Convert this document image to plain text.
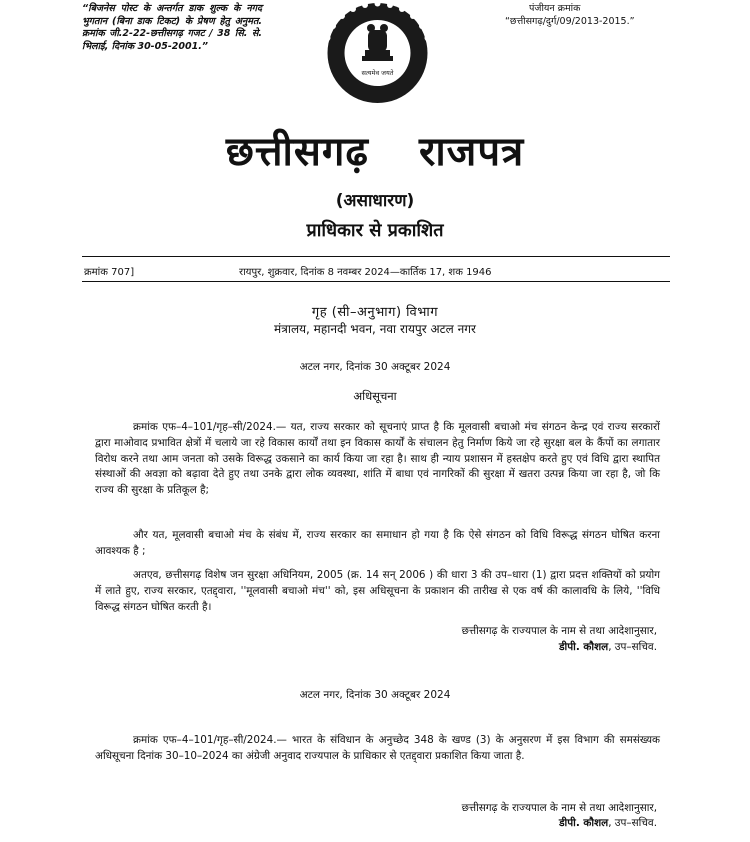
“बिजनेस पोस्ट के अन्तर्गत डाक शुल्क के नगद भुगतान (बिना डाक टिकट) के प्रेषण हेतु अनुमत. क्रमांक जी.2-22-छत्तीसगढ़ गजट / 38 सि. से. भिलाई, दिनांक 30-05-2001.”
पंजीयन क्रमांक
“छत्तीसगढ़/दुर्ग/09/2013-2015.”
सत्यमेव जयते
छत्तीसगढ़ राजपत्र
(असाधारण)
प्राधिकार से प्रकाशित
क्रमांक 707]	रायपुर, शुक्रवार, दिनांक 8 नवम्बर 2024—कार्तिक 17, शक 1946
गृह (सी–अनुभाग) विभाग
मंत्रालय, महानदी भवन, नवा रायपुर अटल नगर
अटल नगर, दिनांक 30 अक्टूबर 2024
अधिसूचना

क्रमांक एफ–4–101/गृह–सी/2024.— यत, राज्य सरकार को सूचनाएं प्राप्त है कि मूलवासी बचाओ मंच संगठन केन्द्र एवं राज्य सरकारों द्वारा माओवाद प्रभावित क्षेत्रों में चलाये जा रहे विकास कार्यों तथा इन विकास कार्यों के संचालन हेतु निर्माण किये जा रहे सुरक्षा बल के कैंपों का लगातार विरोध करने तथा आम जनता को उसके विरूद्ध उकसाने का कार्य किया जा रहा है। साथ ही न्याय प्रशासन में हस्तक्षेप करते हुए एवं विधि द्वारा स्थापित संस्थाओं की अवज्ञा को बढ़ावा देते हुए तथा उनके द्वारा लोक व्यवस्था, शांति में बाधा एवं नागरिकों की सुरक्षा में खतरा उत्पन्न किया जा रहा है, जो कि राज्य की सुरक्षा के प्रतिकूल है;

और यत, मूलवासी बचाओ मंच के संबंध में, राज्य सरकार का समाधान हो गया है कि ऐसे संगठन को विधि विरूद्ध संगठन घोषित करना आवश्यक है ;

अतएव, छत्तीसगढ़ विशेष जन सुरक्षा अधिनियम, 2005 (क्र. 14 सन् 2006 ) की धारा 3 की उप–धारा (1) द्वारा प्रदत्त शक्तियों को प्रयोग में लाते हुए, राज्य सरकार, एतद्द्वारा, ''मूलवासी बचाओ मंच'' को, इस अधिसूचना के प्रकाशन की तारीख से एक वर्ष की कालावधि के लिये, ''विधि विरूद्ध संगठन घोषित करती है।

छत्तीसगढ़ के राज्यपाल के नाम से तथा आदेशानुसार,
डीपी. कौशल, उप–सचिव.
अटल नगर, दिनांक 30 अक्टूबर 2024

क्रमांक एफ–4–101/गृह–सी/2024.— भारत के संविधान के अनुच्छेद 348 के खण्ड (3) के अनुसरण में इस विभाग की समसंख्यक अधिसूचना दिनांक 30–10–2024 का अंग्रेजी अनुवाद राज्यपाल के प्राधिकार से एतद्द्वारा प्रकाशित किया जाता है.

छत्तीसगढ़ के राज्यपाल के नाम से तथा आदेशानुसार,
डीपी. कौशल, उप–सचिव.
